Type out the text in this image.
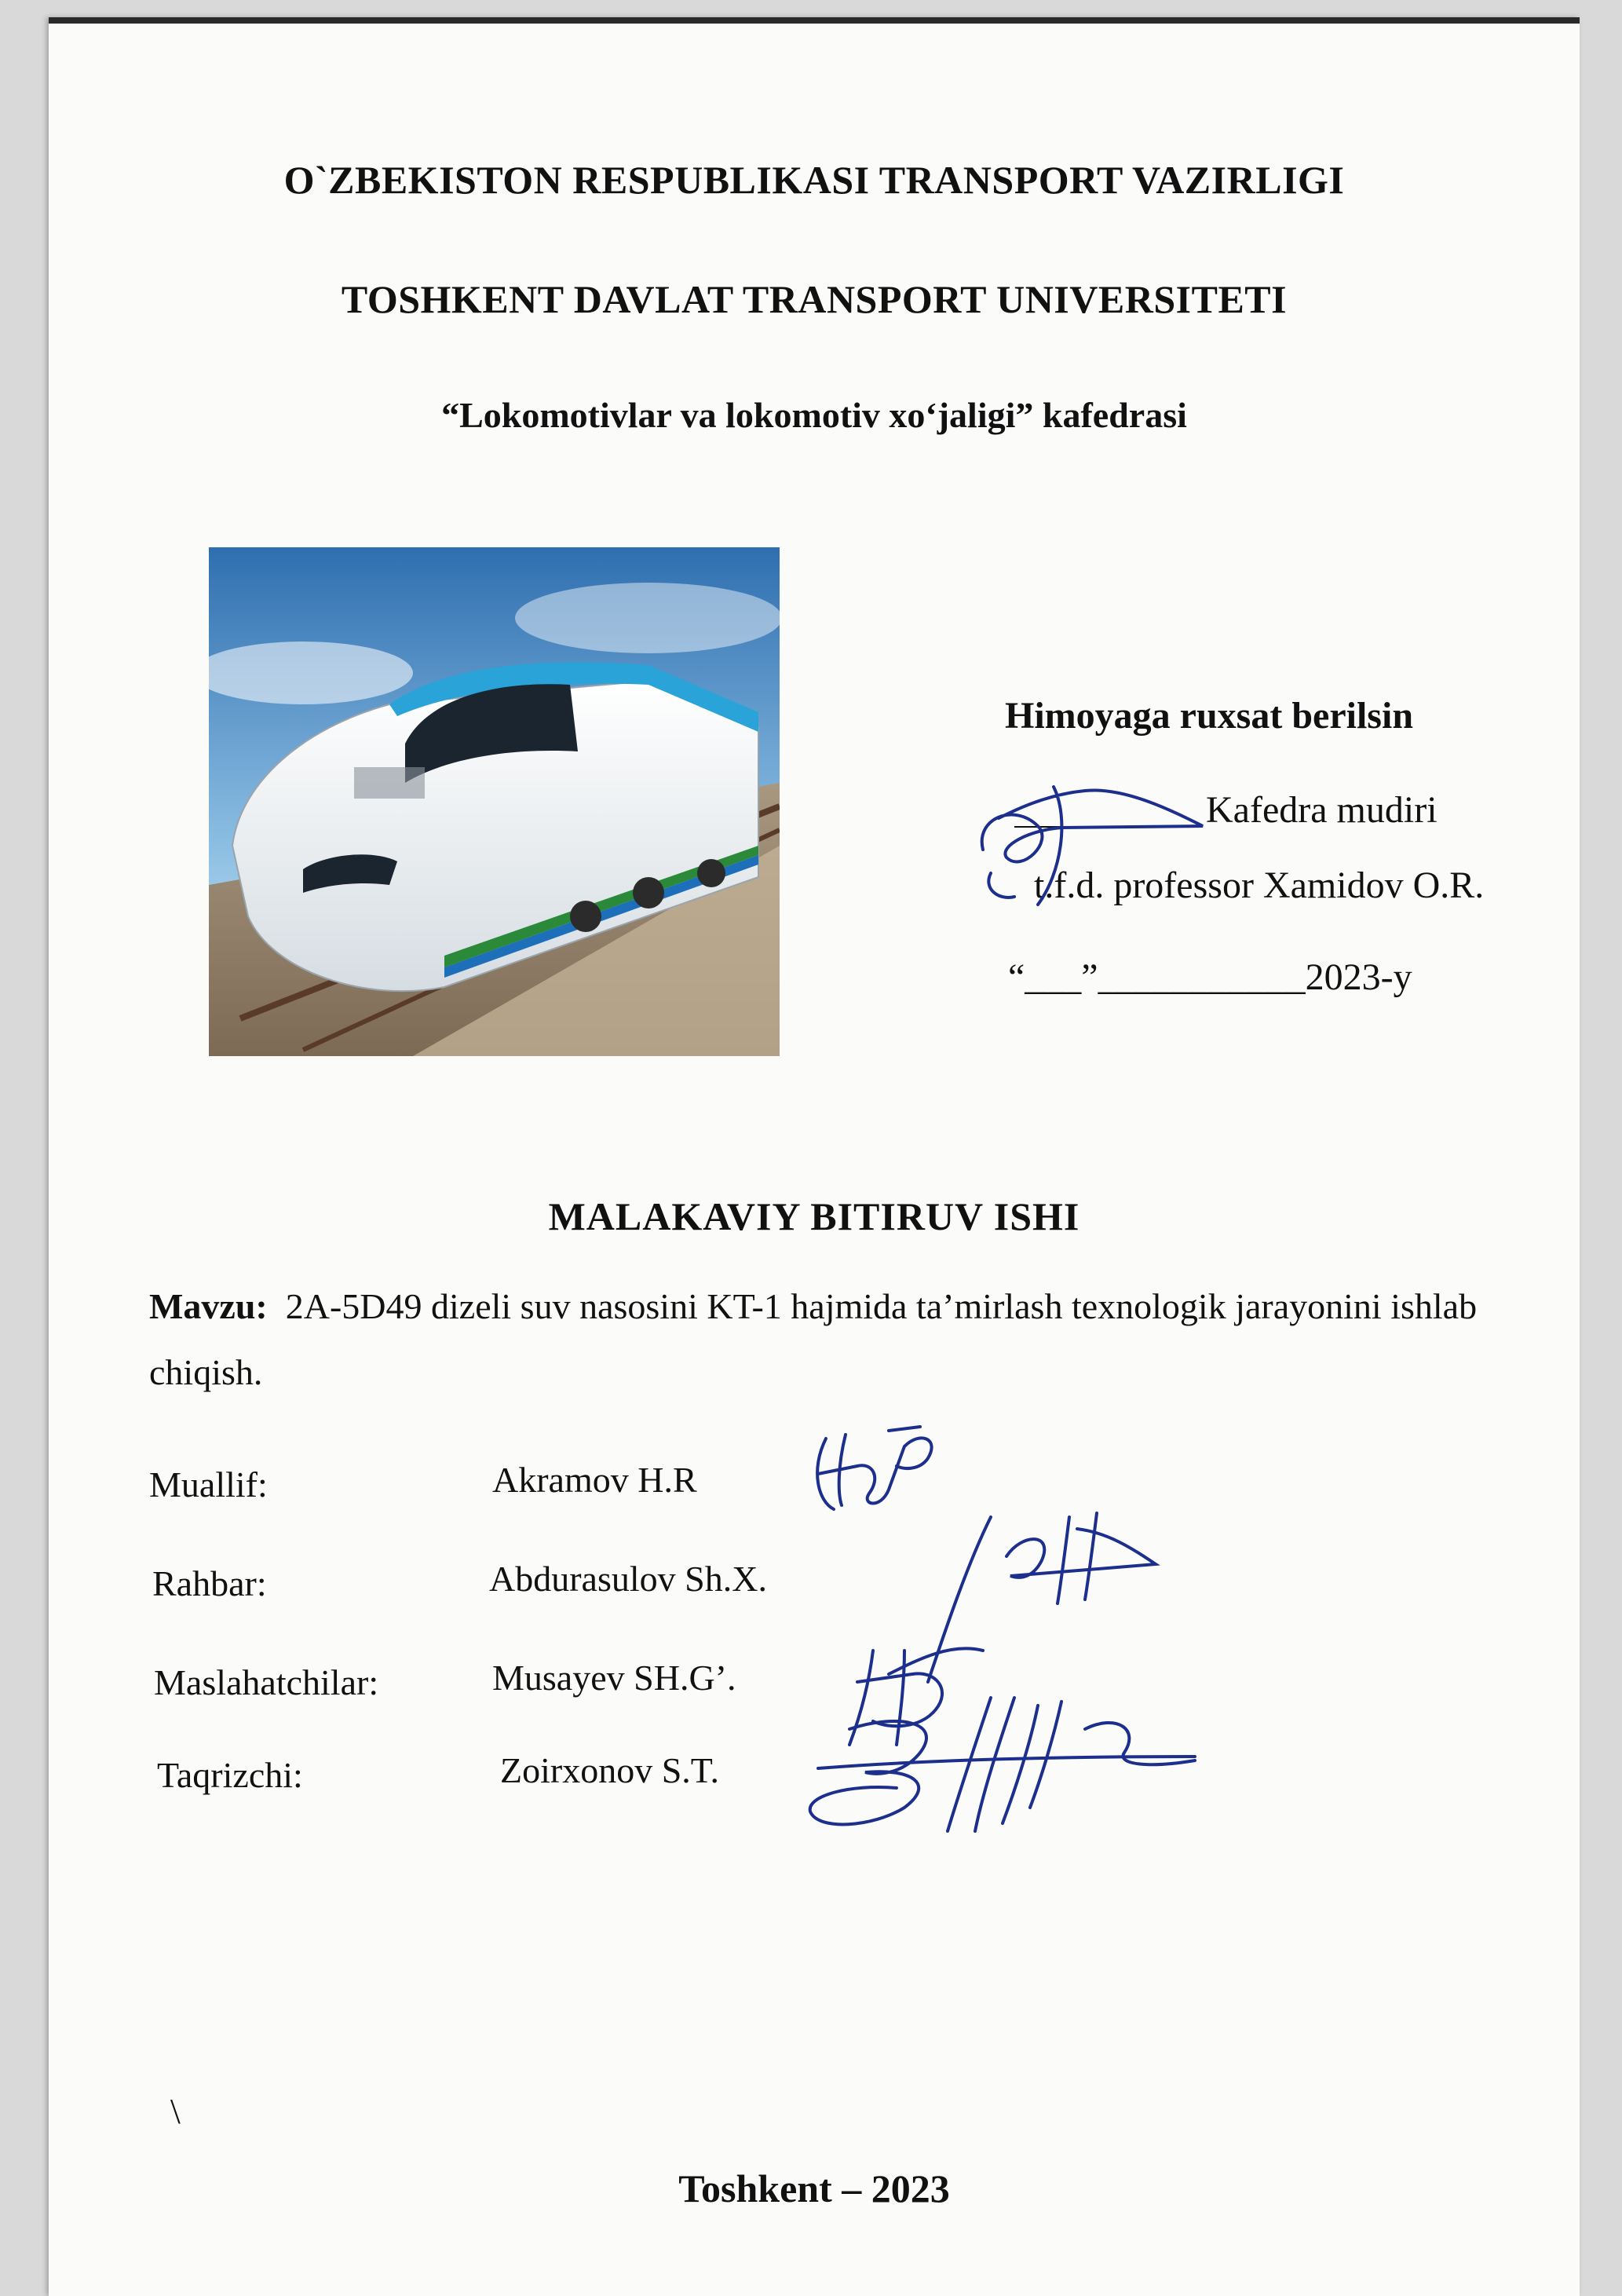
O`ZBEKISTON RESPUBLIKASI TRANSPORT VAZIRLIGI
TOSHKENT DAVLAT TRANSPORT UNIVERSITETI
“Lokomotivlar va lokomotiv xo‘jaligi” kafedrasi
Himoyaga ruxsat berilsin
Kafedra mudiri
t.f.d. professor Xamidov O.R.
“___”___________2023-y
MALAKAVIY BITIRUV ISHI
Mavzu: 2A-5D49 dizeli suv nasosini KT-1 hajmida ta’mirlash texnologik jarayonini ishlab chiqish.
Muallif:	Akramov H.R
Rahbar:	Abdurasulov Sh.X.
Maslahatchilar:	Musayev SH.G’.
Taqrizchi:	Zoirxonov S.T.
\
Toshkent – 2023
